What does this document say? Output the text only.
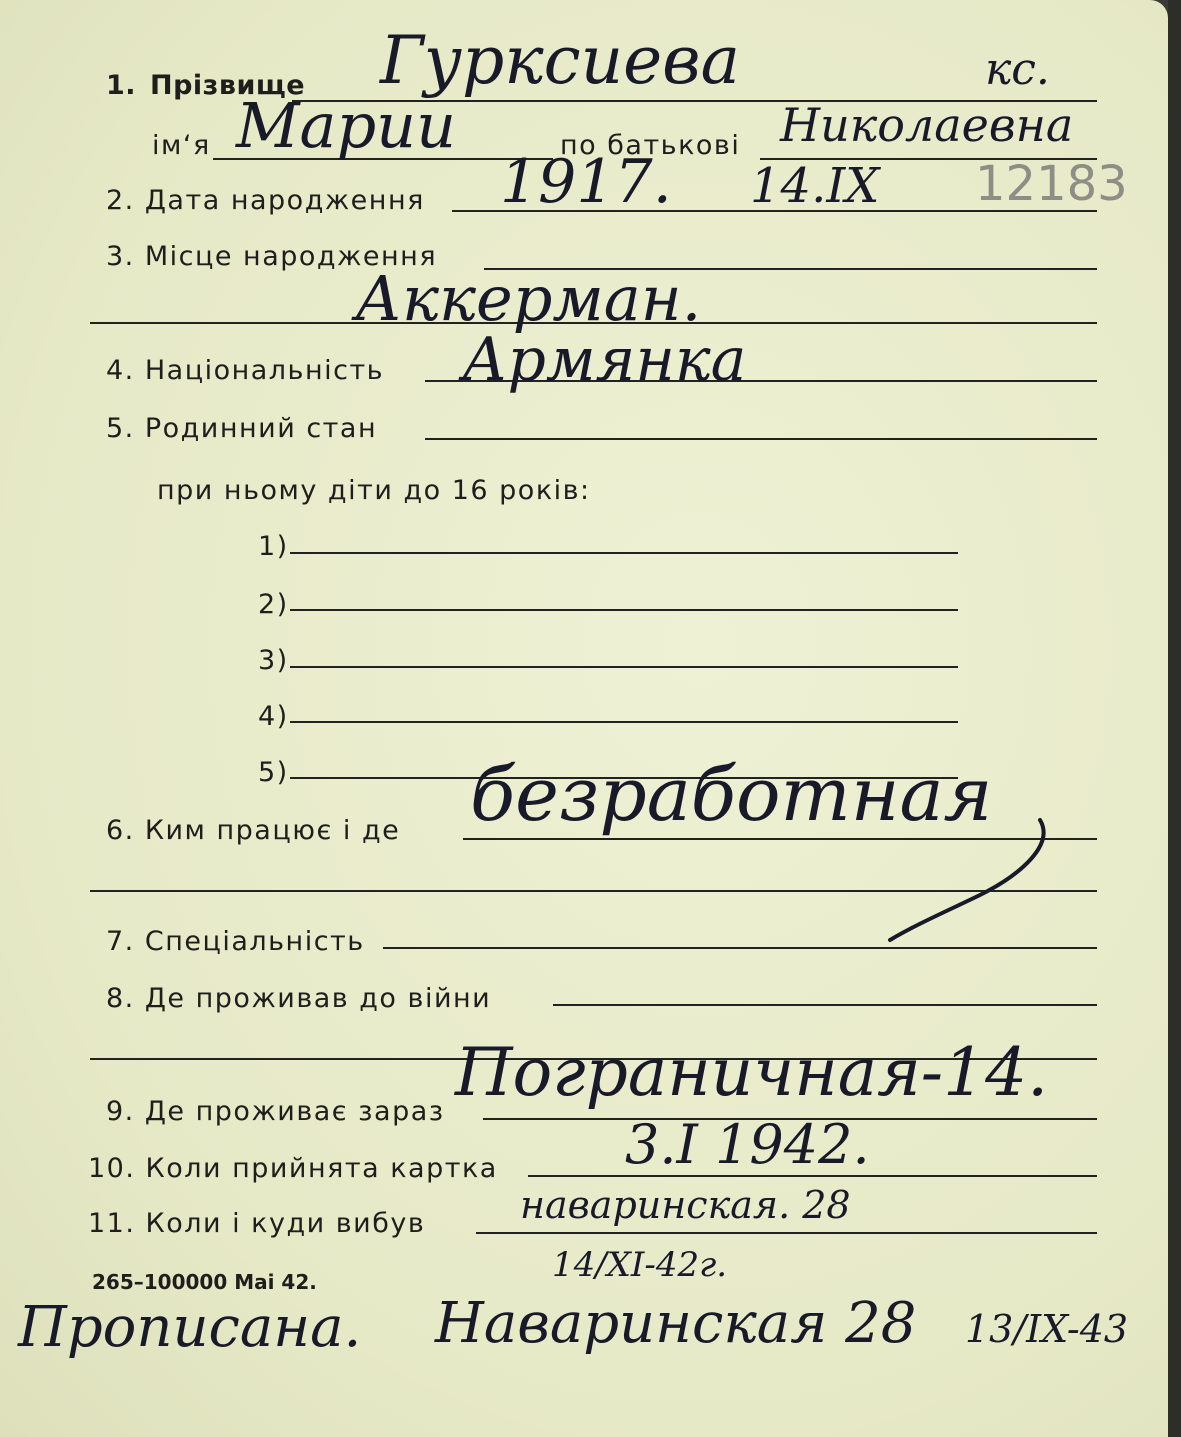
1. Прізвище Гурксиева	кс.
ім‘я Марии	по батькові Николаевна
12183
2. Дата народження 1917. 14.IX
3. Місце народження
Аккерман.
4. Національність Армянка
5. Родинний стан
при ньому діти до 16 років:
1)
2)
3)
4)
5)
6. Ким працює і де безработная
7. Спеціальність
8. Де проживав до війни
9. Де проживає зараз
Пограничная-14.
10. Коли прийнята картка 3.I 1942.
11. Коли і куди вибув наваринская. 28
14/XI-42г.
265–100000 Mai 42.
Прописана. Наваринская 28 13/IX-43
